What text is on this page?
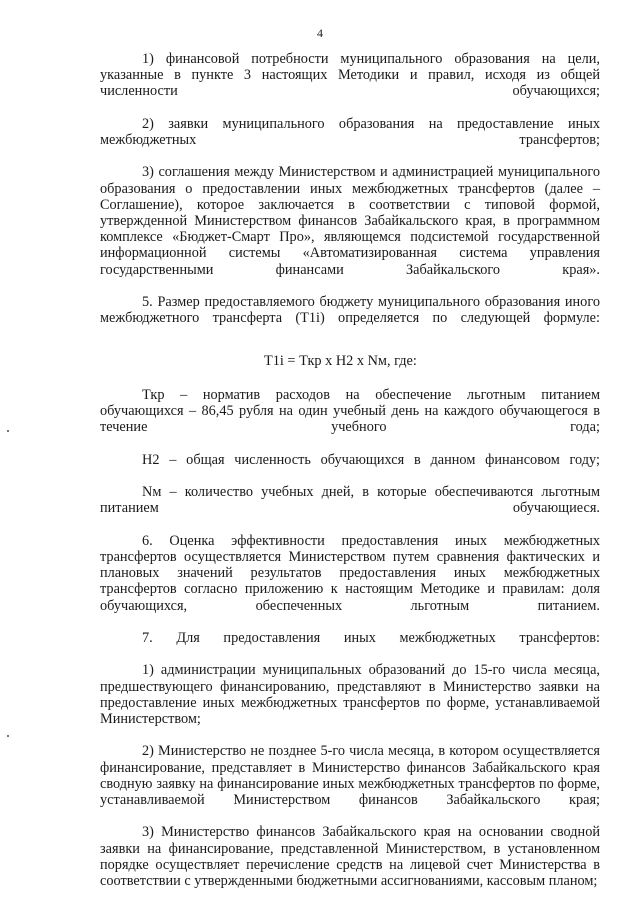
4

1) финансовой потребности муниципального образования на цели, указанные в пункте 3 настоящих Методики и правил, исходя из общей численности обучающихся;

2) заявки муниципального образования на предоставление иных межбюджетных трансфертов;

3) соглашения между Министерством и администрацией муниципального образования о предоставлении иных межбюджетных трансфертов (далее – Соглашение), которое заключается в соответствии с типовой формой, утвержденной Министерством финансов Забайкальского края, в программном комплексе «Бюджет-Смарт Про», являющемся подсистемой государственной информационной системы «Автоматизированная система управления государственными финансами Забайкальского края».

5. Размер предоставляемого бюджету муниципального образования иного межбюджетного трансферта (Т1i) определяется по следующей формуле:

Т1i = Ткр х Н2 х Nм, где:

Ткр – норматив расходов на обеспечение льготным питанием обучающихся – 86,45 рубля на один учебный день на каждого обучающегося в течение учебного года;

Н2 – общая численность обучающихся в данном финансовом году;

Nм – количество учебных дней, в которые обеспечиваются льготным питанием обучающиеся.

6. Оценка эффективности предоставления иных межбюджетных трансфертов осуществляется Министерством путем сравнения фактических и плановых значений результатов предоставления иных межбюджетных трансфертов согласно приложению к настоящим Методике и правилам: доля обучающихся, обеспеченных льготным питанием.

7. Для предоставления иных межбюджетных трансфертов:

1) администрации муниципальных образований до 15-го числа месяца, предшествующего финансированию, представляют в Министерство заявки на предоставление иных межбюджетных трансфертов по форме, устанавливаемой Министерством;

2) Министерство не позднее 5-го числа месяца, в котором осуществляется финансирование, представляет в Министерство финансов Забайкальского края сводную заявку на финансирование иных межбюджетных трансфертов по форме, устанавливаемой Министерством финансов Забайкальского края;

3) Министерство финансов Забайкальского края на основании сводной заявки на финансирование, представленной Министерством, в установленном порядке осуществляет перечисление средств на лицевой счет Министерства в соответствии с утвержденными бюджетными ассигнованиями, кассовым планом;
